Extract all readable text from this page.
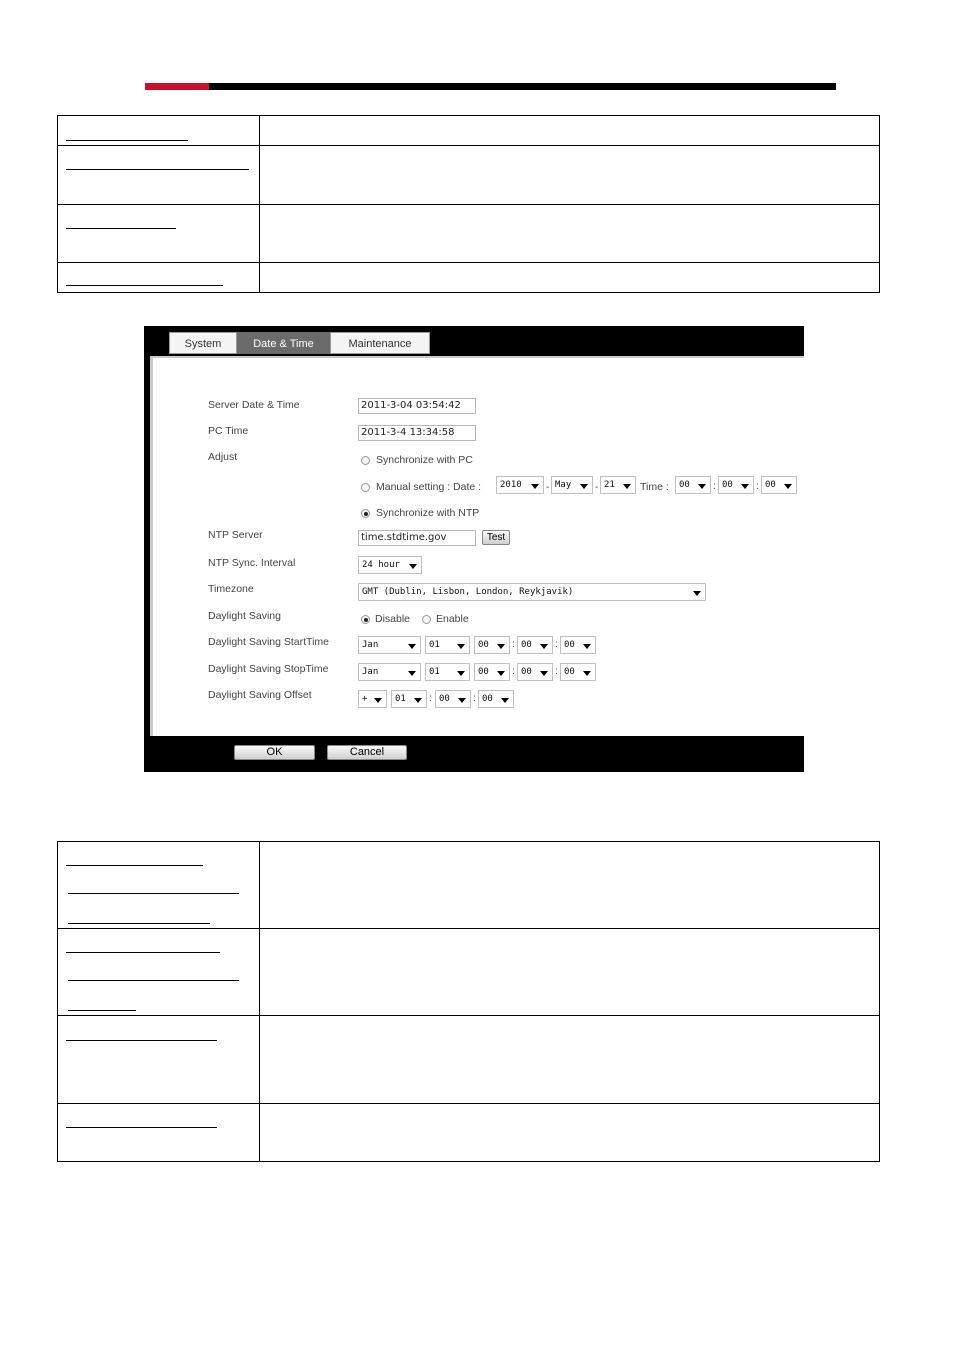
System	Date & Time	Maintenance
Server Date & Time	2011-3-04 03:54:42
PC Time	2011-3-4 13:34:58
Adjust	Synchronize with PC
Manual setting : Date :	2010	- May	- 21	Time :	00	: 00	: 00
Synchronize with NTP
NTP Server	time.stdtime.gov	Test
NTP Sync. Interval	24 hour
Timezone	GMT (Dublin, Lisbon, London, Reykjavik)
Daylight Saving	Disable Enable
Daylight Saving StartTime	Jan	01	00	: 00	: 00
Daylight Saving StopTime	Jan	01	00	: 00	: 00
Daylight Saving Offset	+	01	: 00	: 00
OK	Cancel
